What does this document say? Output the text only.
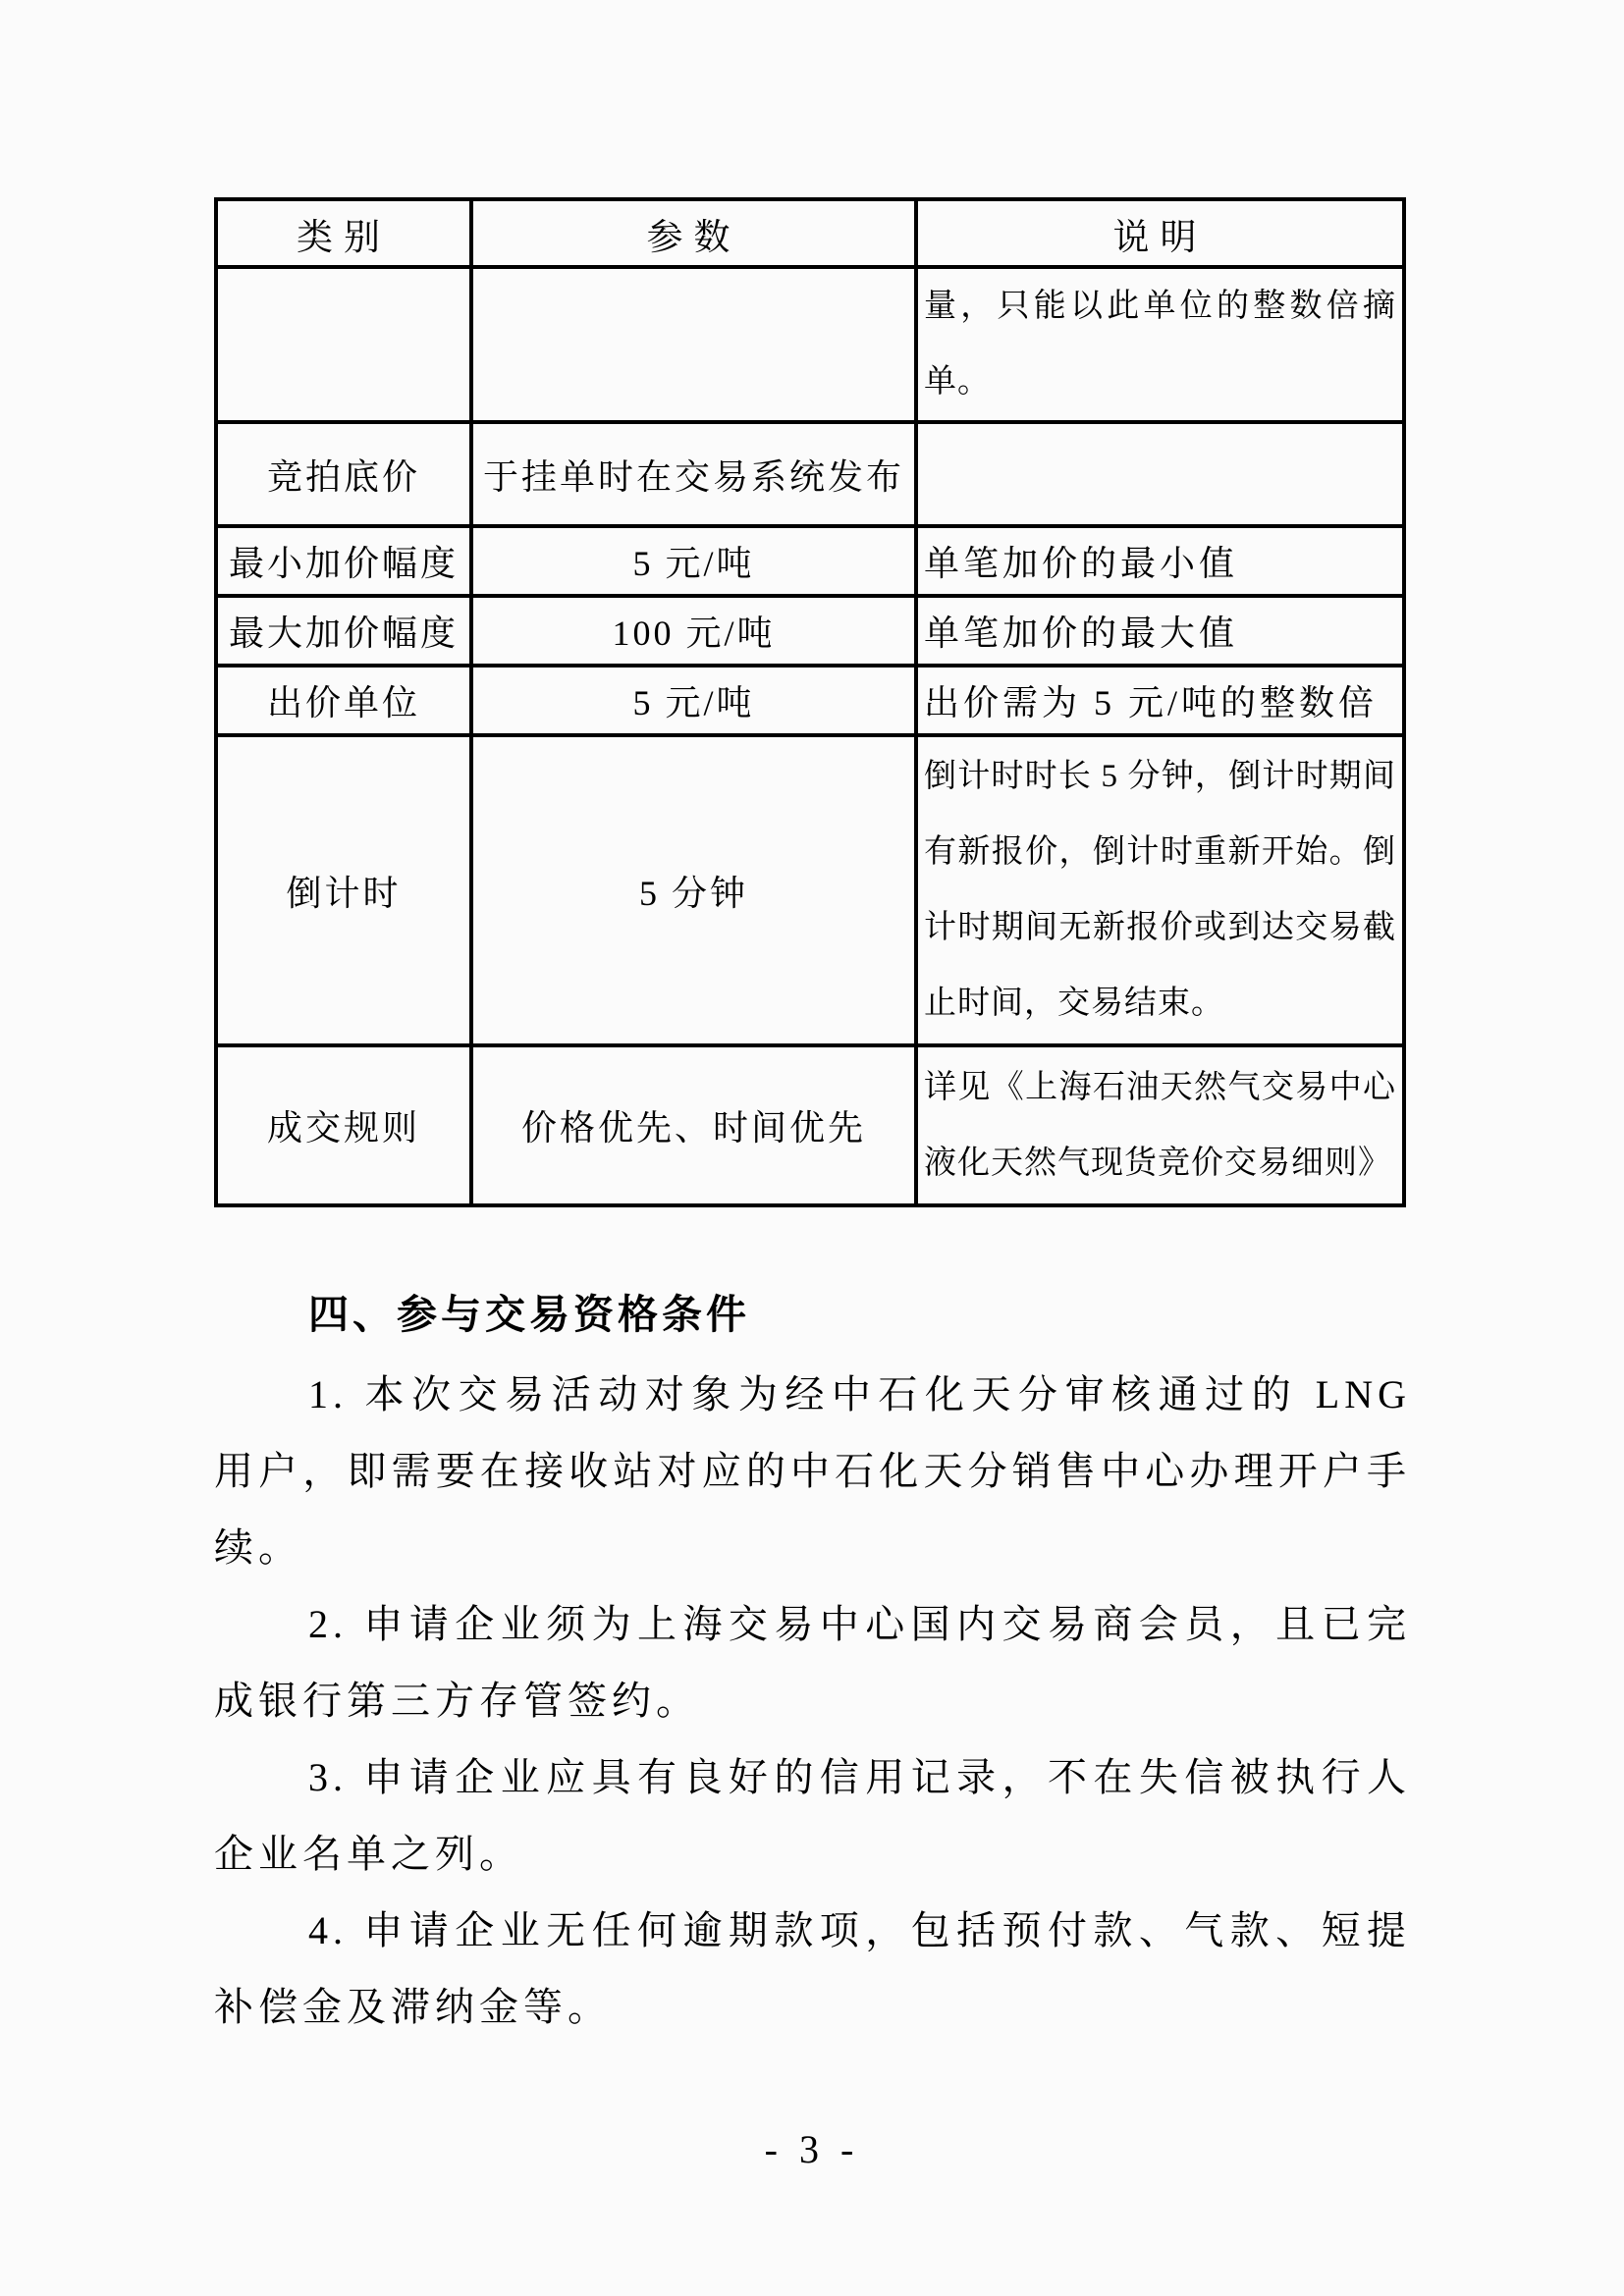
类别	参数	说明
		量，只能以此单位的整数倍摘单。
竞拍底价	于挂单时在交易系统发布	
最小加价幅度	5 元/吨	单笔加价的最小值
最大加价幅度	100 元/吨	单笔加价的最大值
出价单位	5 元/吨	出价需为 5 元/吨的整数倍
倒计时	5 分钟	倒计时时长 5 分钟，倒计时期间有新报价，倒计时重新开始。倒计时期间无新报价或到达交易截止时间，交易结束。
成交规则	价格优先、时间优先	详见《上海石油天然气交易中心液化天然气现货竞价交易细则》
四、参与交易资格条件

1. 本次交易活动对象为经中石化天分审核通过的 LNG 用户，即需要在接收站对应的中石化天分销售中心办理开户手续。

2. 申请企业须为上海交易中心国内交易商会员，且已完成银行第三方存管签约。

3. 申请企业应具有良好的信用记录，不在失信被执行人企业名单之列。

4. 申请企业无任何逾期款项，包括预付款、气款、短提补偿金及滞纳金等。

- 3 -
